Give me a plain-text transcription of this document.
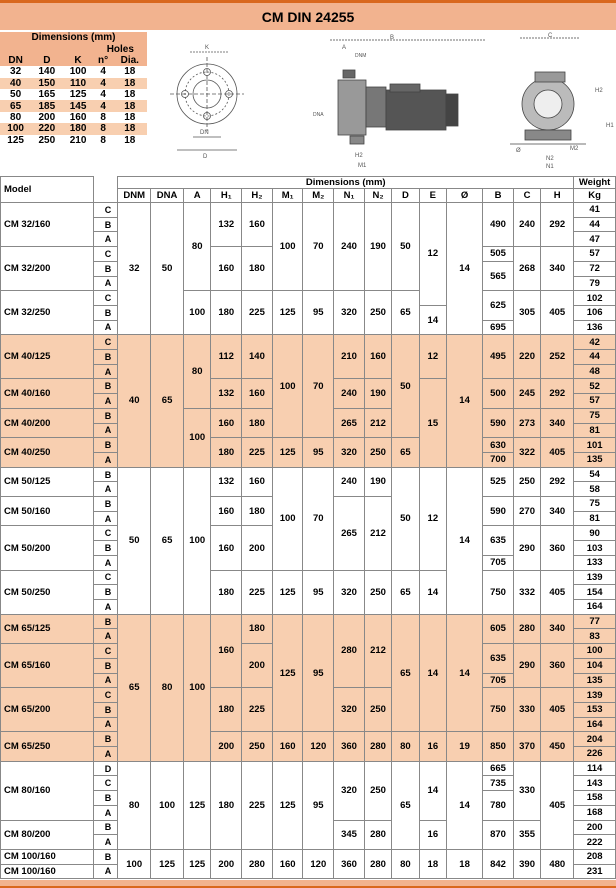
CM DIN 24255
Dimensions (mm)				
			Holes	
DN	D	K	n°	Dia.
32	140	100	4	18
40	150	110	4	18
50	165	125	4	18
65	185	145	4	18
80	200	160	8	18
100	220	180	8	18
125	250	210	8	18
K
DN
D
B
A
DNM
DNA
H2
M1
C
H2
H1
Ø
N2
N1
M2
Model		Dimensions (mm)															Weight
		DNM	DNA	A	H₁	H₂	M₁	M₂	N₁	N₂	D	E	Ø	B	C	H	Kg
CM 32/160	C	32	50	80	132	160	100	70	240	190	50	12	14	490	240	292	41
	B																44
	A																47
CM 32/200	C				160	180								505	268	340	57
	B													565			72
	A																79
CM 32/250	C			100	180	225	125	95	320	250	65			625	305	405	102
	B											14					106
	A													695			136
CM 40/125	C	40	65	80	112	140	100	70	210	160	50	12	14	495	220	252	42
	B																44
	A																48
CM 40/160	B				132	160			240	190		15		500	245	292	52
	A																57
CM 40/200	B			100	160	180			265	212				590	273	340	75
	A																81
CM 40/250	B				180	225	125	95	320	250	65			630	322	405	101
	A													700			135
CM 50/125	B	50	65	100	132	160	100	70	240	190	50	12	14	525	250	292	54
	A																58
CM 50/160	B				160	180			265	212				590	270	340	75
	A																81
CM 50/200	C				160	200								635	290	360	90
	B																103
	A													705			133
CM 50/250	C				180	225	125	95	320	250	65	14		750	332	405	139
	B																154
	A																164
CM 65/125	B	65	80	100	160	180	125	95	280	212	65	14	14	605	280	340	77
	A																83
CM 65/160	C					200								635	290	360	100
	B																104
	A													705			135
CM 65/200	C				180	225			320	250				750	330	405	139
	B																153
	A																164
CM 65/250	B				200	250	160	120	360	280	80	16	19	850	370	450	204
	A																226
CM 80/160	D	80	100	125	180	225	125	95	320	250	65	14	14	665	330	405	114
	C													735			143
	B													780			158
	A																168
CM 80/200	B								345	280		16		870	355		200
	A																222
CM 100/160	B	100	125	125	200	280	160	120	360	280	80	18	18	842	390	480	208
CM 100/160	A																231
